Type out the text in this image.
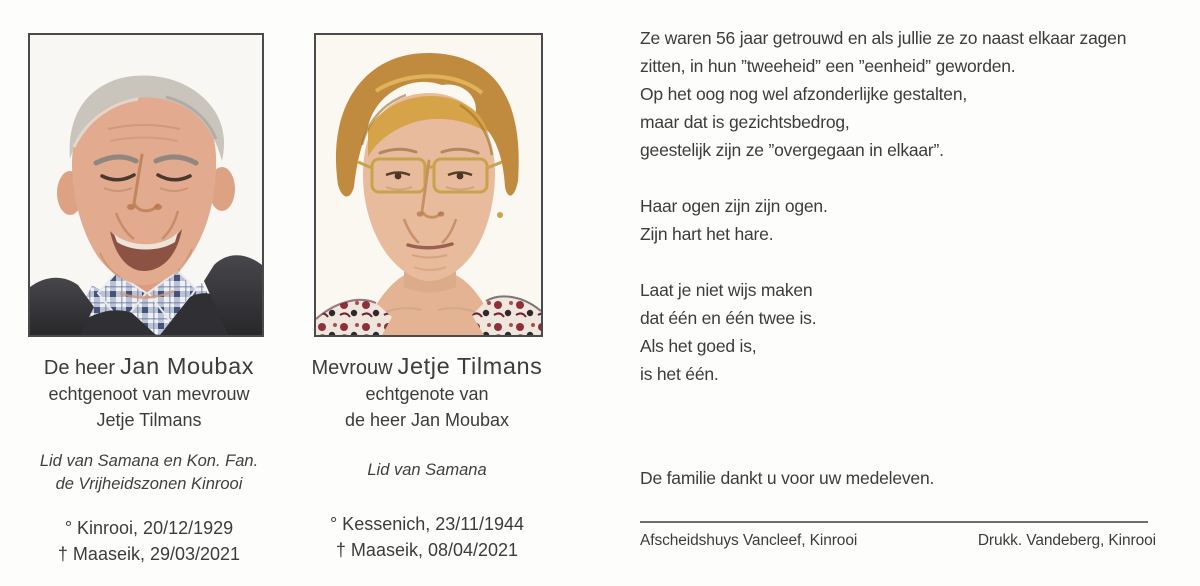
De heer Jan Moubax
echtgenoot van mevrouw
Jetje Tilmans
Lid van Samana en Kon. Fan.
de Vrijheidszonen Kinrooi
° Kinrooi, 20/12/1929
† Maaseik, 29/03/2021
Mevrouw Jetje Tilmans
echtgenote van
de heer Jan Moubax
Lid van Samana
° Kessenich, 23/11/1944
† Maaseik, 08/04/2021
Ze waren 56 jaar getrouwd en als jullie ze zo naast elkaar zagen
zitten, in hun ”tweeheid” een ”eenheid” geworden.
Op het oog nog wel afzonderlijke gestalten,
maar dat is gezichtsbedrog,
geestelijk zijn ze ”overgegaan in elkaar”.
Haar ogen zijn zijn ogen.
Zijn hart het hare.
Laat je niet wijs maken
dat één en één twee is.
Als het goed is,
is het één.
De familie dankt u voor uw medeleven.
Afscheidshuys Vancleef, Kinrooi	Drukk. Vandeberg, Kinrooi
